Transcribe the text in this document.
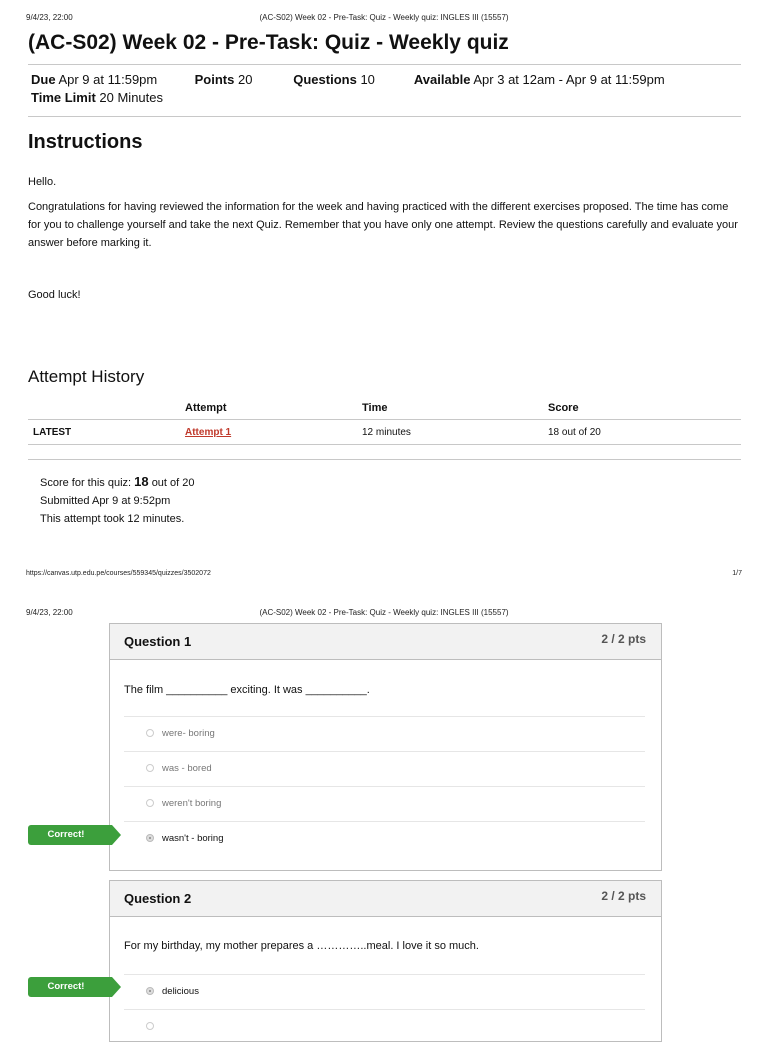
9/4/23, 22:00	(AC-S02) Week 02 - Pre-Task: Quiz - Weekly quiz: INGLES III (15557)
(AC-S02) Week 02 - Pre-Task: Quiz - Weekly quiz
Due Apr 9 at 11:59pm	Points 20	Questions 10	Available Apr 3 at 12am - Apr 9 at 11:59pm
Time Limit 20 Minutes
Instructions

Hello.

Congratulations for having reviewed the information for the week and having practiced with the different exercises proposed. The time has come for you to challenge yourself and take the next Quiz. Remember that you have only one attempt. Review the questions carefully and evaluate your answer before marking it.

Good luck!

Attempt History
	Attempt	Time	Score
LATEST	Attempt 1	12 minutes	18 out of 20
Score for this quiz: 18 out of 20
Submitted Apr 9 at 9:52pm
This attempt took 12 minutes.
https://canvas.utp.edu.pe/courses/559345/quizzes/3502072	1/7
9/4/23, 22:00	(AC-S02) Week 02 - Pre-Task: Quiz - Weekly quiz: INGLES III (15557)
Question 1	2 / 2 pts
The film __________ exciting. It was __________.
were- boring
was - bored
weren't boring
wasn't - boring
Correct!
Question 2	2 / 2 pts
For my birthday, my mother prepares a …………..meal. I love it so much.
delicious
Correct!
